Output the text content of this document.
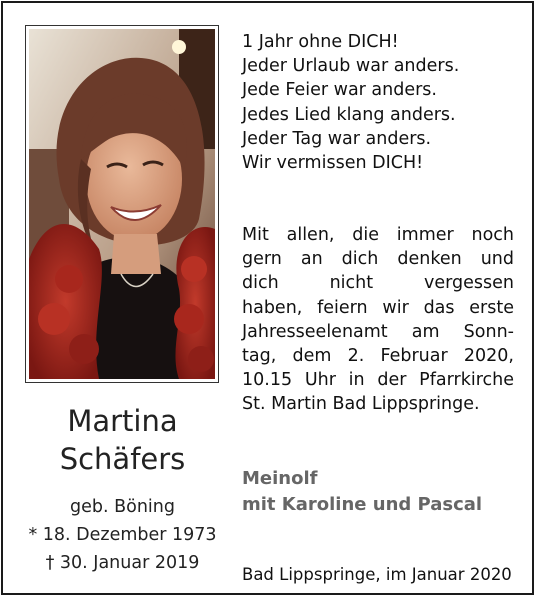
Martina
Schäfers
geb. Böning
* 18. Dezember 1973
† 30. Januar 2019
1 Jahr ohne DICH!
Jeder Urlaub war anders.
Jede Feier war anders.
Jedes Lied klang anders.
Jeder Tag war anders.
Wir vermissen DICH!
Mit allen, die immer noch
gern an dich denken und
dich nicht vergessen
haben, feiern wir das erste
Jahresseelenamt am Sonn-
tag, dem 2. Februar 2020,
10.15 Uhr in der Pfarrkirche
St. Martin Bad Lippspringe.
Meinolf
mit Karoline und Pascal
Bad Lippspringe, im Januar 2020
